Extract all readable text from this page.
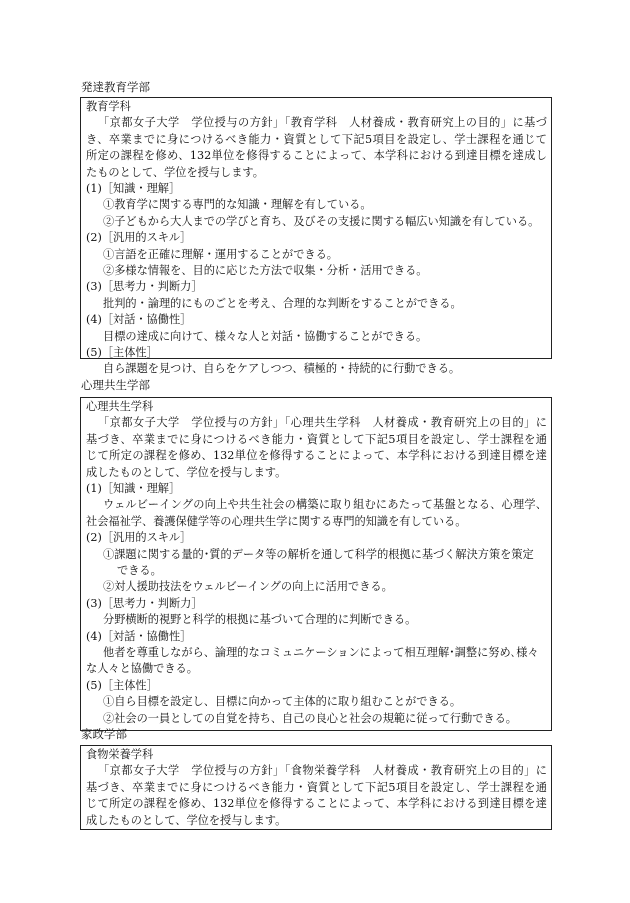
発達教育学部
教育学科
「京都女子大学　学位授与の方針」「教育学科　人材養成・教育研究上の目的」に基づ
き、卒業までに身につけるべき能力・資質として下記5項目を設定し、学士課程を通じて
所定の課程を修め、132単位を修得することによって、本学科における到達目標を達成し
たものとして、学位を授与します。
(1)［知識・理解］
①教育学に関する専門的な知識・理解を有している。
②子どもから大人までの学びと育ち、及びその支援に関する幅広い知識を有している。
(2)［汎用的スキル］
①言語を正確に理解・運用することができる。
②多様な情報を、目的に応じた方法で収集・分析・活用できる。
(3)［思考力・判断力］
批判的・論理的にものごとを考え、合理的な判断をすることができる。
(4)［対話・協働性］
目標の達成に向けて、様々な人と対話・協働することができる。
(5)［主体性］
自ら課題を見つけ、自らをケアしつつ、積極的・持続的に行動できる。
心理共生学部
心理共生学科
「京都女子大学　学位授与の方針」「心理共生学科　人材養成・教育研究上の目的」に
基づき、卒業までに身につけるべき能力・資質として下記5項目を設定し、学士課程を通
じて所定の課程を修め、132単位を修得することによって、本学科における到達目標を達
成したものとして、学位を授与します。
(1)［知識・理解］
ウェルビーイングの向上や共生社会の構築に取り組むにあたって基盤となる、心理学、
社会福祉学、養護保健学等の心理共生学に関する専門的知識を有している。
(2)［汎用的スキル］
①課題に関する量的･質的データ等の解析を通して科学的根拠に基づく解決方策を策定
できる。
②対人援助技法をウェルビーイングの向上に活用できる。
(3)［思考力・判断力］
分野横断的視野と科学的根拠に基づいて合理的に判断できる。
(4)［対話・協働性］
他者を尊重しながら、論理的なコミュニケーションによって相互理解･調整に努め､様々
な人々と協働できる。
(5)［主体性］
①自ら目標を設定し、目標に向かって主体的に取り組むことができる。
②社会の一員としての自覚を持ち、自己の良心と社会の規範に従って行動できる。
家政学部
食物栄養学科
「京都女子大学　学位授与の方針」「食物栄養学科　人材養成・教育研究上の目的」に
基づき、卒業までに身につけるべき能力・資質として下記5項目を設定し、学士課程を通
じて所定の課程を修め、132単位を修得することによって、本学科における到達目標を達
成したものとして、学位を授与します。
